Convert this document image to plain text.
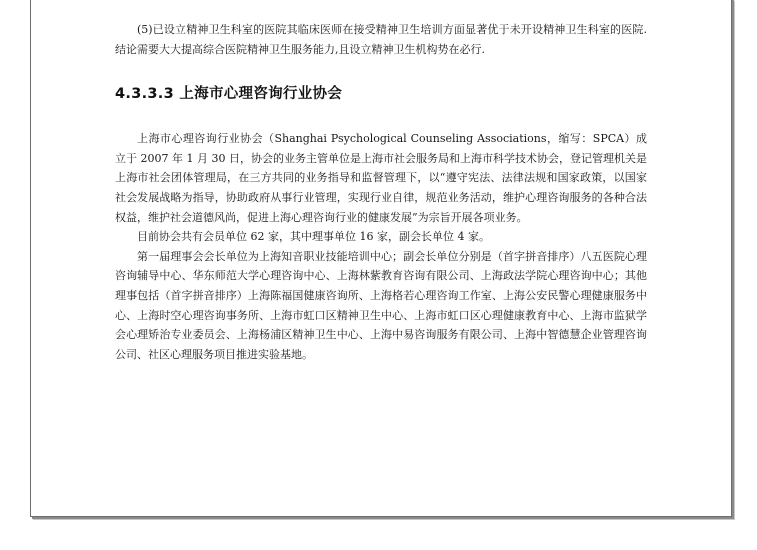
(5)已设立精神卫生科室的医院其临床医师在接受精神卫生培训方面显著优于未开设精神卫生科室的医院.结论需要大大提高综合医院精神卫生服务能力,且设立精神卫生机构势在必行.

4.3.3.3 上海市心理咨询行业协会

上海市心理咨询行业协会（Shanghai Psychological Counseling Associations，缩写：SPCA）成立于 2007 年 1 月 30 日，协会的业务主管单位是上海市社会服务局和上海市科学技术协会，登记管理机关是上海市社会团体管理局，在三方共同的业务指导和监督管理下，以“遵守宪法、法律法规和国家政策，以国家社会发展战略为指导，协助政府从事行业管理，实现行业自律，规范业务活动，维护心理咨询服务的各种合法权益，维护社会道德风尚，促进上海心理咨询行业的健康发展”为宗旨开展各项业务。

目前协会共有会员单位 62 家，其中理事单位 16 家，副会长单位 4 家。

第一届理事会会长单位为上海知音职业技能培训中心；副会长单位分别是（首字拼音排序）八五医院心理咨询辅导中心、华东师范大学心理咨询中心、上海林紫教育咨询有限公司、上海政法学院心理咨询中心；其他理事包括（首字拼音排序）上海陈福国健康咨询所、上海格若心理咨询工作室、上海公安民警心理健康服务中心、上海时空心理咨询事务所、上海市虹口区精神卫生中心、上海市虹口区心理健康教育中心、上海市监狱学会心理矫治专业委员会、上海杨浦区精神卫生中心、上海中易咨询服务有限公司、上海中智德慧企业管理咨询公司、社区心理服务项目推进实验基地。
